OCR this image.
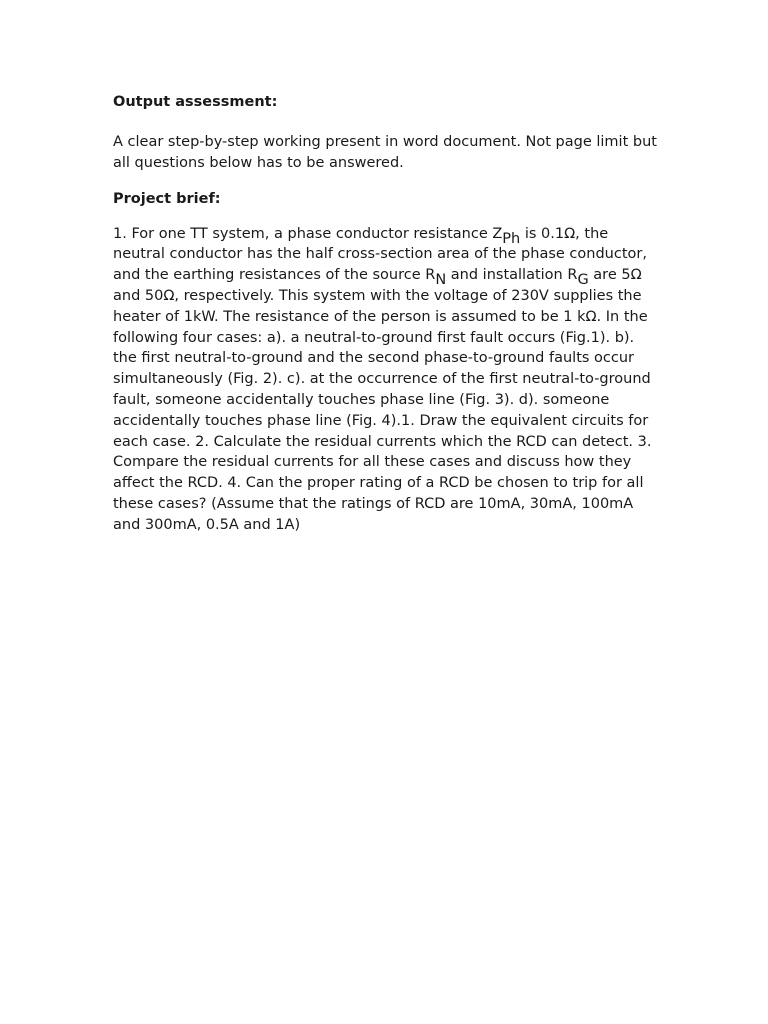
Output assessment:

A clear step-by-step working present in word document. Not page limit but all questions below has to be answered.

Project brief:

1. For one TT system, a phase conductor resistance $Z_{Ph}$ is 0.1Ω, the neutral conductor has the half cross-section area of the phase conductor, and the earthing resistances of the source $R_N$ and installation $R_G$ are 5Ω and 50Ω, respectively. This system with the voltage of 230V supplies the heater of 1kW. The resistance of the person is assumed to be 1 kΩ. In the following four cases: a). a neutral-to-ground first fault occurs (Fig.1). b). the first neutral-to-ground and the second phase-to-ground faults occur simultaneously (Fig. 2). c). at the occurrence of the first neutral-to-ground fault, someone accidentally touches phase line (Fig. 3). d). someone accidentally touches phase line (Fig. 4).1. Draw the equivalent circuits for each case. 2. Calculate the residual currents which the RCD can detect. 3. Compare the residual currents for all these cases and discuss how they affect the RCD. 4. Can the proper rating of a RCD be chosen to trip for all these cases? (Assume that the ratings of RCD are 10mA, 30mA, 100mA and 300mA, 0.5A and 1A)
